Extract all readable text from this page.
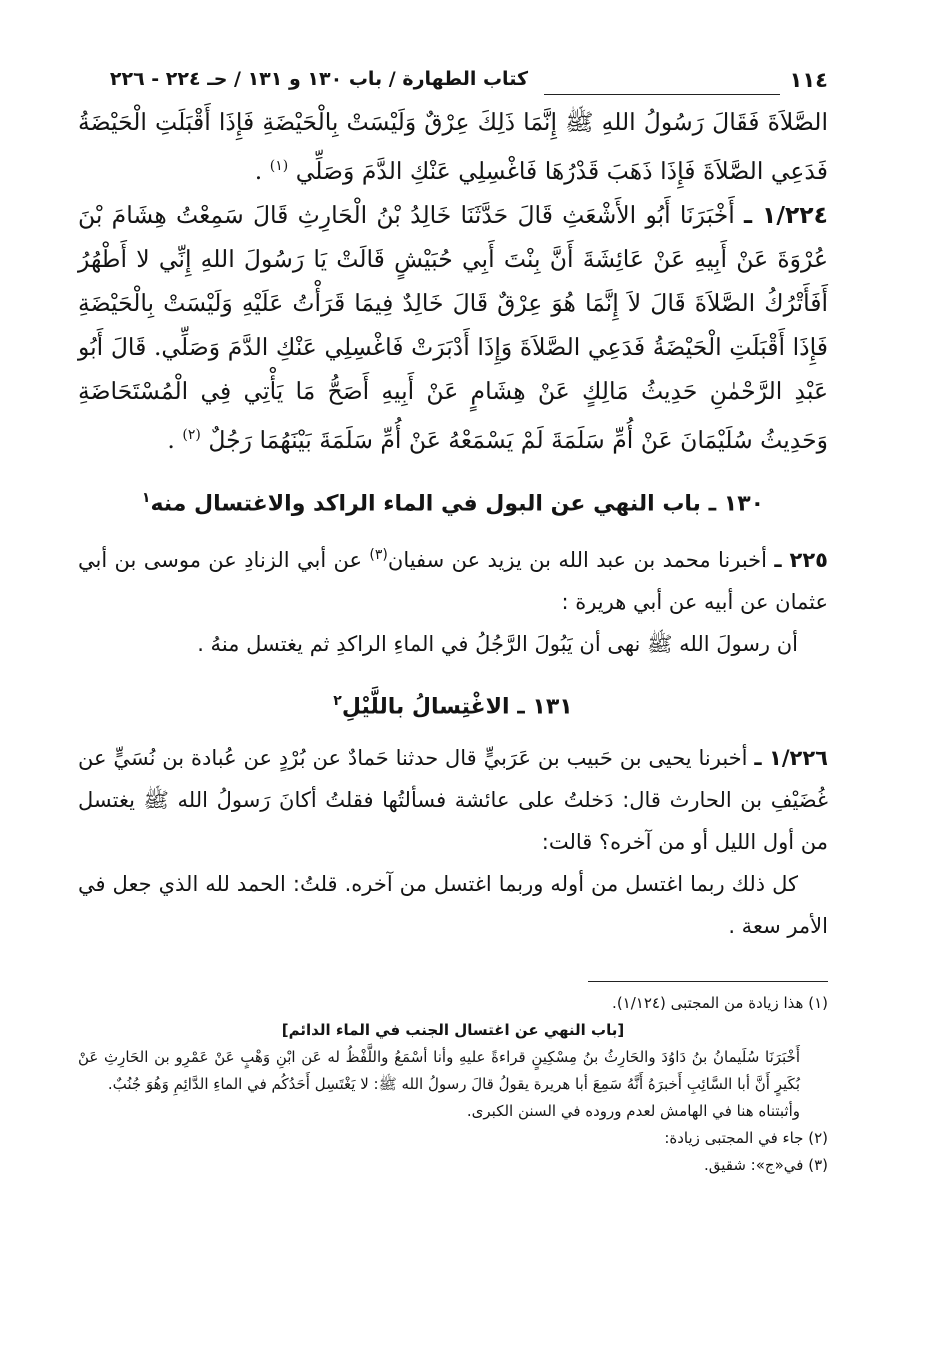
١١٤
كتاب الطهارة / باب ١٣٠ و ١٣١ / حـ ٢٢٤ - ٢٢٦

الصَّلاَةَ فَقَالَ رَسُولُ اللهِ ﷺ إِنَّمَا ذَلِكَ عِرْقٌ وَلَيْسَتْ بِالْحَيْضَةِ فَإِذَا أَقْبَلَتِ الْحَيْضَةُ فَدَعِي الصَّلاَةَ فَإِذَا ذَهَبَ قَدْرُهَا فَاغْسِلِي عَنْكِ الدَّمَ وَصَلِّي $^{(١)}$ .

١/٢٢٤ ـ أَخْبَرَنَا أَبُو الأَشْعَثِ قَالَ حَدَّثَنَا خَالِدُ بْنُ الْحَارِثِ قَالَ سَمِعْتُ هِشَامَ بْنَ عُرْوَةَ عَنْ أَبِيهِ عَنْ عَائِشَةَ أَنَّ بِنْتَ أَبِي حُبَيْشٍ قَالَتْ يَا رَسُولَ اللهِ إِنِّي لا أَطْهُرُ أَفَأَتْرُكُ الصَّلاَةَ قَالَ لاَ إِنَّمَا هُوَ عِرْقٌ قَالَ خَالِدٌ فِيمَا قَرَأْتُ عَلَيْهِ وَلَيْسَتْ بِالْحَيْضَةِ فَإِذَا أَقْبَلَتِ الْحَيْضَةُ فَدَعِي الصَّلاَةَ وَإِذَا أَدْبَرَتْ فَاغْسِلِي عَنْكِ الدَّمَ وَصَلِّي. قَالَ أَبُو عَبْدِ الرَّحْمٰنِ حَدِيثُ مَالِكٍ عَنْ هِشَامٍ عَنْ أَبِيهِ أَصَحُّ مَا يَأْتِي فِي الْمُسْتَحَاضَةِ وَحَدِيثُ سُلَيْمَانَ عَنْ أُمِّ سَلَمَةَ لَمْ يَسْمَعْهُ عَنْ أُمِّ سَلَمَةَ بَيْنَهُمَا رَجُلٌ $^{(٢)}$ .

١٣٠ ـ باب النهي عن البول في الماء الراكد والاغتسال منه$^١$

٢٢٥ ـ أخبرنا محمد بن عبد الله بن يزيد عن سفيان$^{(٣)}$ عن أبي الزنادِ عن موسى بن أبي عثمان عن أبيه عن أبي هريرة :

أن رسولَ الله ﷺ نهى أن يَبُولَ الرَّجُلُ في الماءِ الراكدِ ثم يغتسل منهُ .

١٣١ ـ الاغْتِسالُ باللَّيْلِ$^٢$

١/٢٢٦ ـ أخبرنا يحيى بن حَبيب بن عَرَبيٍّ قال حدثنا حَمادٌ عن بُرْدٍ عن عُبادة بن نُسَيٍّ عن غُضَيْفِ بن الحارث قال: دَخلتُ على عائشة فسألتُها فقلتُ أكانَ رَسولُ الله ﷺ يغتسل من أول الليل أو من آخره؟ قالت:

كل ذلك ربما اغتسل من أوله وربما اغتسل من آخره. قلتُ: الحمد لله الذي جعل في الأمر سعة .

(١) هذا زيادة من المجتبى (١/١٢٤).

[باب النهي عن اغتسال الجنب في الماء الدائم]

أَخْبَرَنَا سُلَيمانُ بنُ دَاوُدَ والحَارِثُ بنُ مِسْكِينٍ قراءةً عليهِ وأنا أسْمَعُ واللَّفْظُ له عَن ابْنِ وَهْبٍ عَنْ عَمْرِو بن الحَارِثِ عَنْ بُكَيرٍ أَنَّ أبا السَّائِبِ أَخبرَهُ أَنَّهُ سَمِعَ أبا هريرة يقولُ قالَ رسولُ الله ﷺ: لا يَغْتَسِل أَحَدُكُم في الماءِ الدَّائِمِ وَهُوَ جُنُبٌ.

وأثبتناه هنا في الهامش لعدم وروده في السنن الكبرى.

(٢) جاء في المجتبى زيادة:

(٣) في«ج»: شقيق.
